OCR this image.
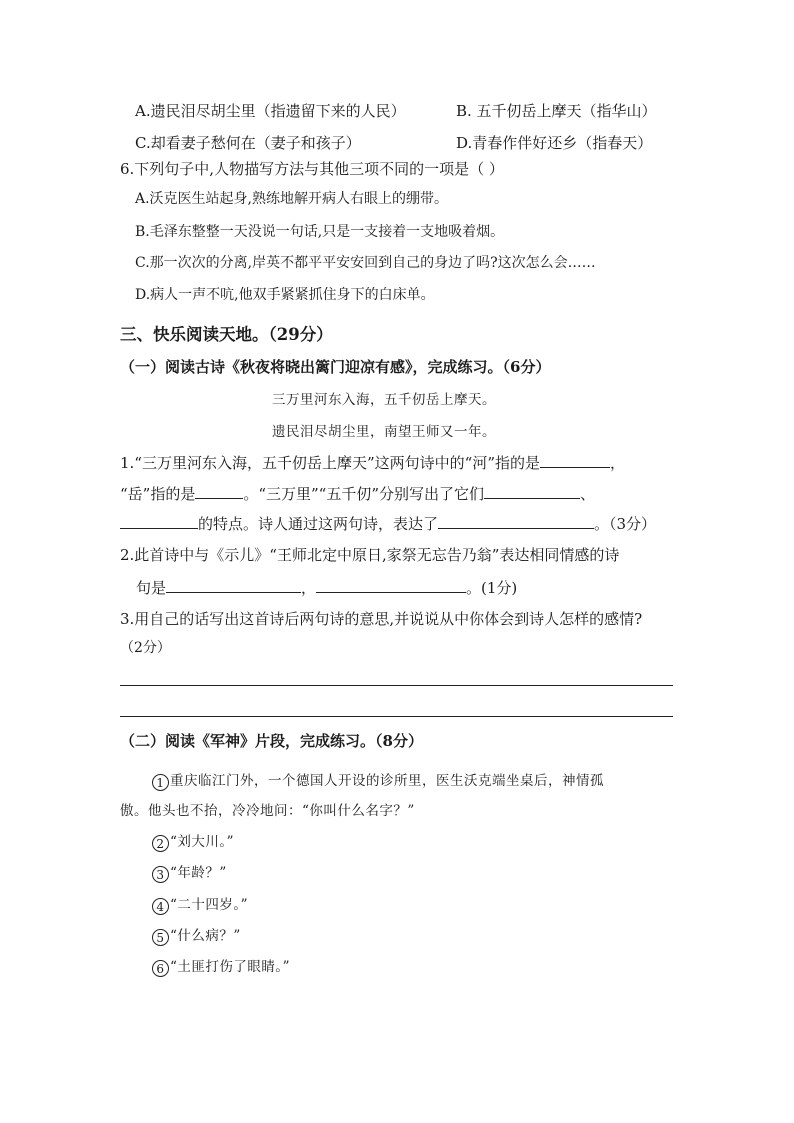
A.遗民泪尽胡尘里（指遗留下来的人民）	B. 五千仞岳上摩天（指华山）
C.却看妻子愁何在（妻子和孩子）	D.青春作伴好还乡（指春天）
6.下列句子中,人物描写方法与其他三项不同的一项是（ ）
A.沃克医生站起身,熟练地解开病人右眼上的绷带。
B.毛泽东整整一天没说一句话,只是一支接着一支地吸着烟。
C.那一次次的分离,岸英不都平平安安回到自己的身边了吗?这次怎么会……
D.病人一声不吭,他双手紧紧抓住身下的白床单。
三、快乐阅读天地。（29分）
（一）阅读古诗《秋夜将晓出篱门迎凉有感》，完成练习。（6分）
三万里河东入海，五千仞岳上摩天。
遗民泪尽胡尘里，南望王师又一年。
1.“三万里河东入海，五千仞岳上摩天”这两句诗中的“河”指的是	，
“岳”指的是	。“三万里”“五千仞”分别写出了它们	、
的特点。诗人通过这两句诗，表达了	。（3分）
2.此首诗中与《示儿》“王师北定中原日,家祭无忘告乃翁”表达相同情感的诗
句是	，	。(1分)
3.用自己的话写出这首诗后两句诗的意思,并说说从中你体会到诗人怎样的感情?
（2分）
（二）阅读《军神》片段，完成练习。（8分）
1 重庆临江门外，一个德国人开设的诊所里，医生沃克端坐桌后，神情孤
傲。他头也不抬，冷冷地问：“你叫什么名字？”
2 “刘大川。”
3 “年龄？”
4 “二十四岁。”
5 “什么病？”
6 “土匪打伤了眼睛。”
